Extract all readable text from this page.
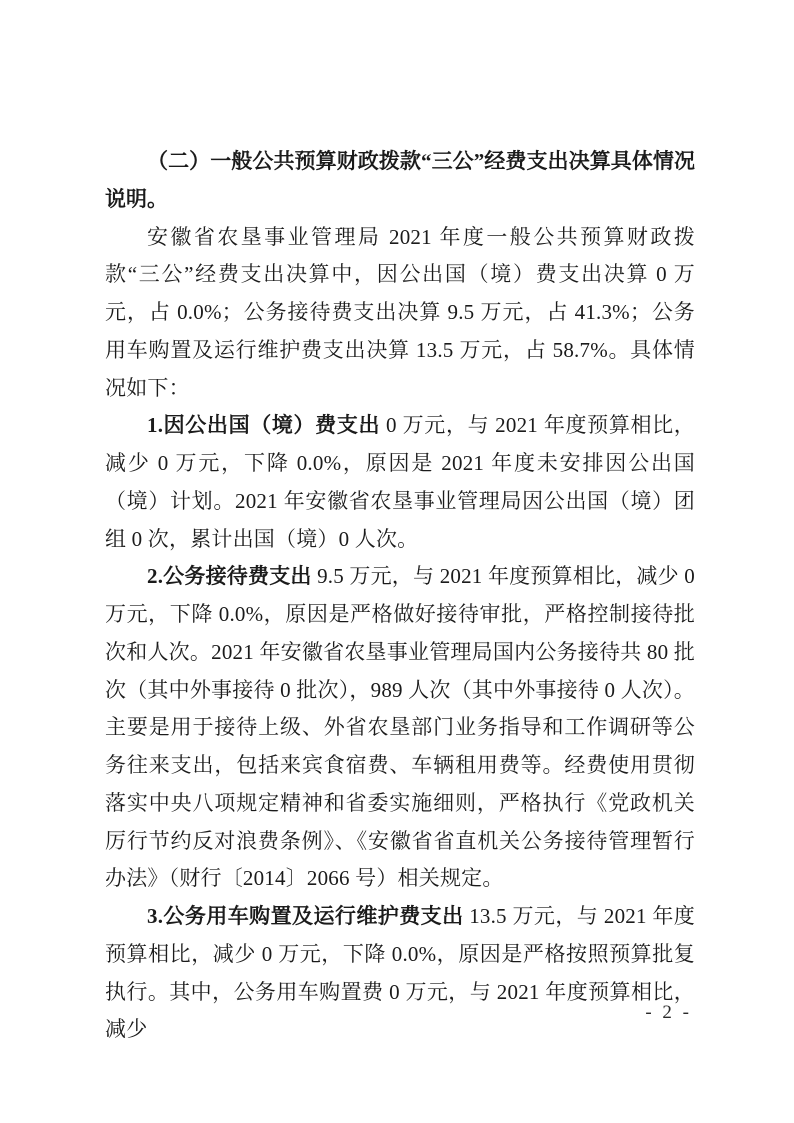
（二）一般公共预算财政拨款“三公”经费支出决算具体情况说明。

安徽省农垦事业管理局 2021 年度一般公共预算财政拨款“三公”经费支出决算中，因公出国（境）费支出决算 0 万元，占 0.0%；公务接待费支出决算 9.5 万元，占 41.3%；公务用车购置及运行维护费支出决算 13.5 万元，占 58.7%。具体情况如下：

1.因公出国（境）费支出 0 万元，与 2021 年度预算相比，减少 0 万元，下降 0.0%，原因是 2021 年度未安排因公出国（境）计划。2021 年安徽省农垦事业管理局因公出国（境）团组 0 次，累计出国（境）0 人次。

2.公务接待费支出 9.5 万元，与 2021 年度预算相比，减少 0 万元，下降 0.0%，原因是严格做好接待审批，严格控制接待批次和人次。2021 年安徽省农垦事业管理局国内公务接待共 80 批次（其中外事接待 0 批次），989 人次（其中外事接待 0 人次）。主要是用于接待上级、外省农垦部门业务指导和工作调研等公务往来支出，包括来宾食宿费、车辆租用费等。经费使用贯彻落实中央八项规定精神和省委实施细则，严格执行《党政机关厉行节约反对浪费条例》、《安徽省省直机关公务接待管理暂行办法》（财行〔2014〕2066 号）相关规定。

3.公务用车购置及运行维护费支出 13.5 万元，与 2021 年度预算相比，减少 0 万元，下降 0.0%，原因是严格按照预算批复执行。其中，公务用车购置费 0 万元，与 2021 年度预算相比，减少

- 2 -
